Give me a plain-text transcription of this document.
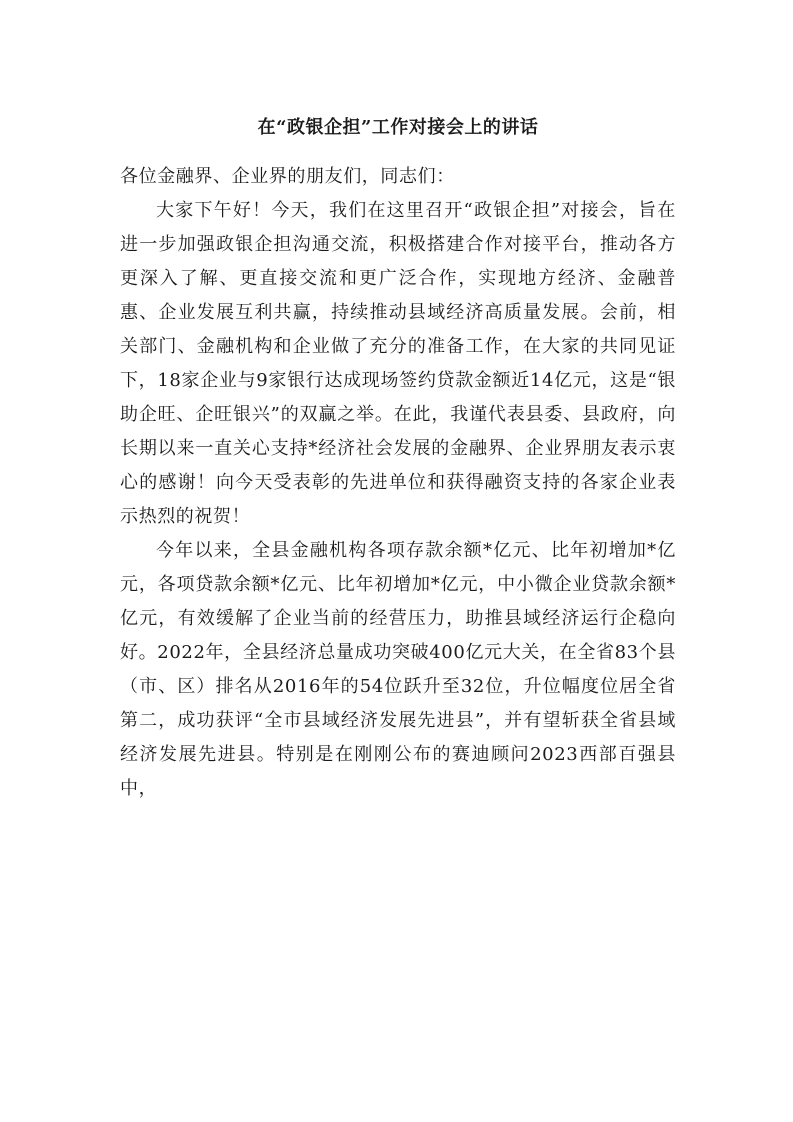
在“政银企担”工作对接会上的讲话

各位金融界、企业界的朋友们，同志们：

大家下午好！今天，我们在这里召开“政银企担”对接会，旨在进一步加强政银企担沟通交流，积极搭建合作对接平台，推动各方更深入了解、更直接交流和更广泛合作，实现地方经济、金融普惠、企业发展互利共赢，持续推动县域经济高质量发展。会前，相关部门、金融机构和企业做了充分的准备工作，在大家的共同见证下，18家企业与9家银行达成现场签约贷款金额近14亿元，这是“银助企旺、企旺银兴”的双赢之举。在此，我谨代表县委、县政府，向长期以来一直关心支持*经济社会发展的金融界、企业界朋友表示衷心的感谢！向今天受表彰的先进单位和获得融资支持的各家企业表示热烈的祝贺！

今年以来，全县金融机构各项存款余额*亿元、比年初增加*亿元，各项贷款余额*亿元、比年初增加*亿元，中小微企业贷款余额*亿元，有效缓解了企业当前的经营压力，助推县域经济运行企稳向好。2022年，全县经济总量成功突破400亿元大关，在全省83个县（市、区）排名从2016年的54位跃升至32位，升位幅度位居全省第二，成功获评“全市县域经济发展先进县”，并有望斩获全省县域经济发展先进县。特别是在刚刚公布的赛迪顾问2023西部百强县中，
